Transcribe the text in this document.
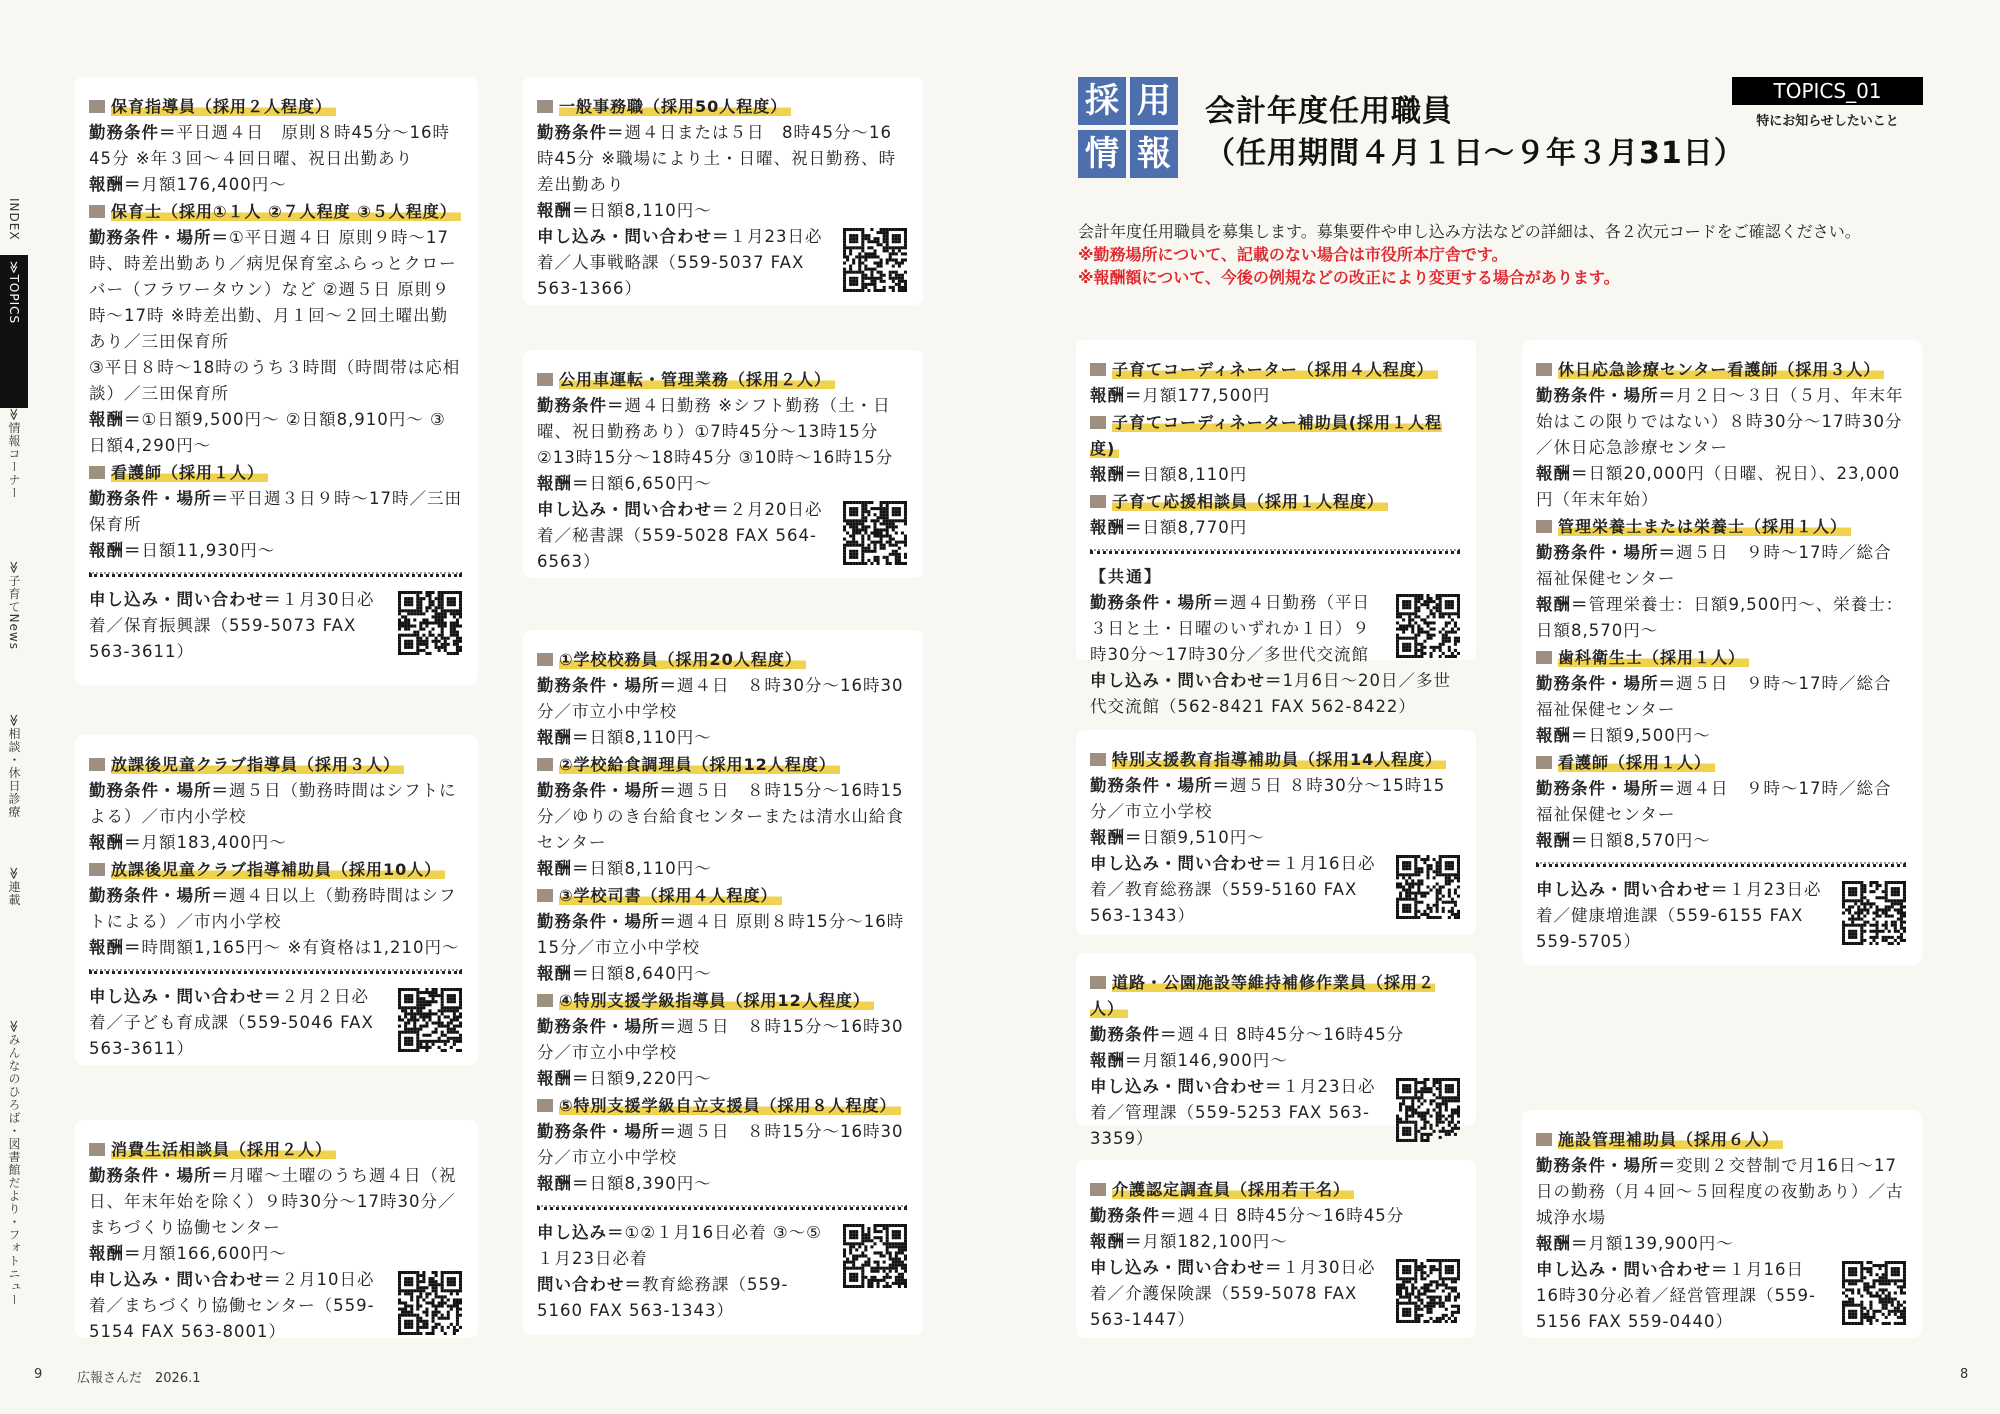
INDEX
≫TOPICS
≫情報コーナー
≫子育てNews
≫相談・休日診療
≫連載
≫みんなのひろば・図書館だより・フォトニュー
採 用
情 報
会計年度任用職員
（任用期間４月１日～９年３月31日）
TOPICS_01
特にお知らせしたいこと
会計年度任用職員を募集します。募集要件や申し込み方法などの詳細は、各２次元コードをご確認ください。
※勤務場所について、記載のない場合は市役所本庁舎です。
※報酬額について、今後の例規などの改正により変更する場合があります。
保育指導員（採用２人程度）
勤務条件＝平日週４日　原則８時45分～16時45分 ※年３回～４回日曜、祝日出勤あり
報酬＝月額176,400円～
保育士（採用①１人 ②７人程度 ③５人程度）
勤務条件・場所＝①平日週４日 原則９時～17時、時差出勤あり／病児保育室ふらっとクローバー（フラワータウン）など ②週５日 原則９時～17時 ※時差出勤、月１回～２回土曜出勤あり／三田保育所
③平日８時～18時のうち３時間（時間帯は応相談）／三田保育所
報酬＝①日額9,500円～ ②日額8,910円～ ③日額4,290円～
看護師（採用１人）
勤務条件・場所＝平日週３日９時～17時／三田保育所
報酬＝日額11,930円～
申し込み・問い合わせ＝１月30日必着／保育振興課（559-5073 FAX 563-3611）
放課後児童クラブ指導員（採用３人）
勤務条件・場所＝週５日（勤務時間はシフトによる）／市内小学校
報酬＝月額183,400円～
放課後児童クラブ指導補助員（採用10人）
勤務条件・場所＝週４日以上（勤務時間はシフトによる）／市内小学校
報酬＝時間額1,165円～ ※有資格は1,210円～
申し込み・問い合わせ＝２月２日必着／子ども育成課（559-5046 FAX 563-3611）
消費生活相談員（採用２人）
勤務条件・場所＝月曜～土曜のうち週４日（祝日、年末年始を除く）９時30分～17時30分／まちづくり協働センター
報酬＝月額166,600円～
申し込み・問い合わせ＝２月10日必着／まちづくり協働センター（559-5154 FAX 563-8001）
一般事務職（採用50人程度）
勤務条件＝週４日または５日　8時45分～16時45分 ※職場により土・日曜、祝日勤務、時差出勤あり
報酬＝日額8,110円～
申し込み・問い合わせ＝１月23日必着／人事戦略課（559-5037 FAX 563-1366）
公用車運転・管理業務（採用２人）
勤務条件＝週４日勤務 ※シフト勤務（土・日曜、祝日勤務あり）①7時45分～13時15分 ②13時15分～18時45分 ③10時～16時15分
報酬＝日額6,650円～
申し込み・問い合わせ＝２月20日必着／秘書課（559-5028 FAX 564-6563）
①学校校務員（採用20人程度）
勤務条件・場所＝週４日　８時30分～16時30分／市立小中学校
報酬＝日額8,110円～
②学校給食調理員（採用12人程度）
勤務条件・場所＝週５日　８時15分～16時15分／ゆりのき台給食センターまたは清水山給食センター
報酬＝日額8,110円～
③学校司書（採用４人程度）
勤務条件・場所＝週４日 原則８時15分～16時15分／市立小中学校
報酬＝日額8,640円～
④特別支援学級指導員（採用12人程度）
勤務条件・場所＝週５日　８時15分～16時30分／市立小中学校
報酬＝日額9,220円～
⑤特別支援学級自立支援員（採用８人程度）
勤務条件・場所＝週５日　８時15分～16時30分／市立小中学校
報酬＝日額8,390円～
申し込み＝①②１月16日必着 ③～⑤１月23日必着
問い合わせ＝教育総務課（559-5160 FAX 563-1343）
子育てコーディネーター（採用４人程度）
報酬＝月額177,500円
子育てコーディネーター補助員(採用１人程度)
報酬＝日額8,110円
子育て応援相談員（採用１人程度）
報酬＝日額8,770円
【共通】
勤務条件・場所＝週４日勤務（平日３日と土・日曜のいずれか１日）９時30分～17時30分／多世代交流館
申し込み・問い合わせ＝1月6日～20日／多世代交流館（562-8421 FAX 562-8422）
特別支援教育指導補助員（採用14人程度）
勤務条件・場所＝週５日 ８時30分～15時15分／市立小学校
報酬＝日額9,510円～
申し込み・問い合わせ＝１月16日必着／教育総務課（559-5160 FAX 563-1343）
道路・公園施設等維持補修作業員（採用２人）
勤務条件＝週４日 8時45分～16時45分
報酬＝月額146,900円～
申し込み・問い合わせ＝１月23日必着／管理課（559-5253 FAX 563-3359）
介護認定調査員（採用若干名）
勤務条件＝週４日 8時45分～16時45分
報酬＝月額182,100円～
申し込み・問い合わせ＝１月30日必着／介護保険課（559-5078 FAX 563-1447）
休日応急診療センター看護師（採用３人）
勤務条件・場所＝月２日～３日（５月、年末年始はこの限りではない）８時30分～17時30分／休日応急診療センター
報酬＝日額20,000円（日曜、祝日）、23,000円（年末年始）
管理栄養士または栄養士（採用１人）
勤務条件・場所＝週５日　９時～17時／総合福祉保健センター
報酬＝管理栄養士：日額9,500円～、栄養士：日額8,570円～
歯科衛生士（採用１人）
勤務条件・場所＝週５日　９時～17時／総合福祉保健センター
報酬＝日額9,500円～
看護師（採用１人）
勤務条件・場所＝週４日　９時～17時／総合福祉保健センター
報酬＝日額8,570円～
申し込み・問い合わせ＝１月23日必着／健康増進課（559-6155 FAX 559-5705）
施設管理補助員（採用６人）
勤務条件・場所＝変則２交替制で月16日～17日の勤務（月４回～５回程度の夜勤あり）／古城浄水場
報酬＝月額139,900円～
申し込み・問い合わせ＝１月16日16時30分必着／経営管理課（559-5156 FAX 559-0440）
9	広報さんだ　2026.1	8
